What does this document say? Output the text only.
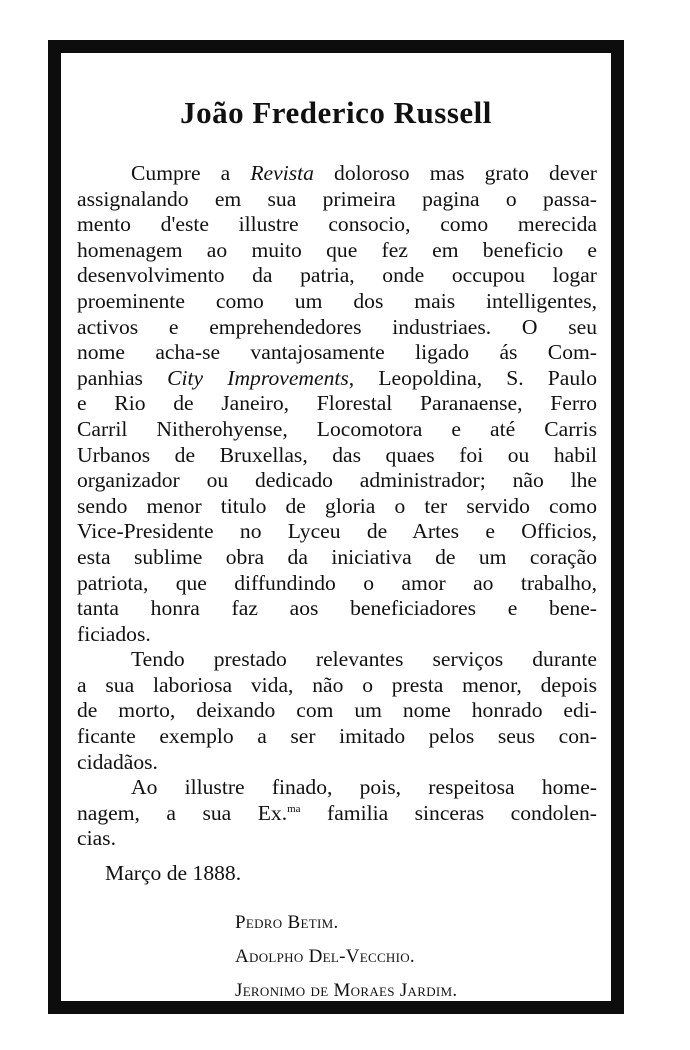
João Frederico Russell
Cumpre a Revista doloroso mas grato dever
assignalando em sua primeira pagina o passa-
mento d'este illustre consocio, como merecida
homenagem ao muito que fez em beneficio e
desenvolvimento da patria, onde occupou logar
proeminente como um dos mais intelligentes,
activos e emprehendedores industriaes. O seu
nome acha-se vantajosamente ligado ás Com-
panhias City Improvements, Leopoldina, S. Paulo
e Rio de Janeiro, Florestal Paranaense, Ferro
Carril Nitherohyense, Locomotora e até Carris
Urbanos de Bruxellas, das quaes foi ou habil
organizador ou dedicado administrador; não lhe
sendo menor titulo de gloria o ter servido como
Vice-Presidente no Lyceu de Artes e Officios,
esta sublime obra da iniciativa de um coração
patriota, que diffundindo o amor ao trabalho,
tanta honra faz aos beneficiadores e bene-
ficiados.
Tendo prestado relevantes serviços durante
a sua laboriosa vida, não o presta menor, depois
de morto, deixando com um nome honrado edi-
ficante exemplo a ser imitado pelos seus con-
cidadãos.
Ao illustre finado, pois, respeitosa home-
nagem, a sua Ex.$^{ma}$ familia sinceras condolen-
cias.
Março de 1888.
Pedro Betim.
Adolpho Del-Vecchio.
Jeronimo de Moraes Jardim.
